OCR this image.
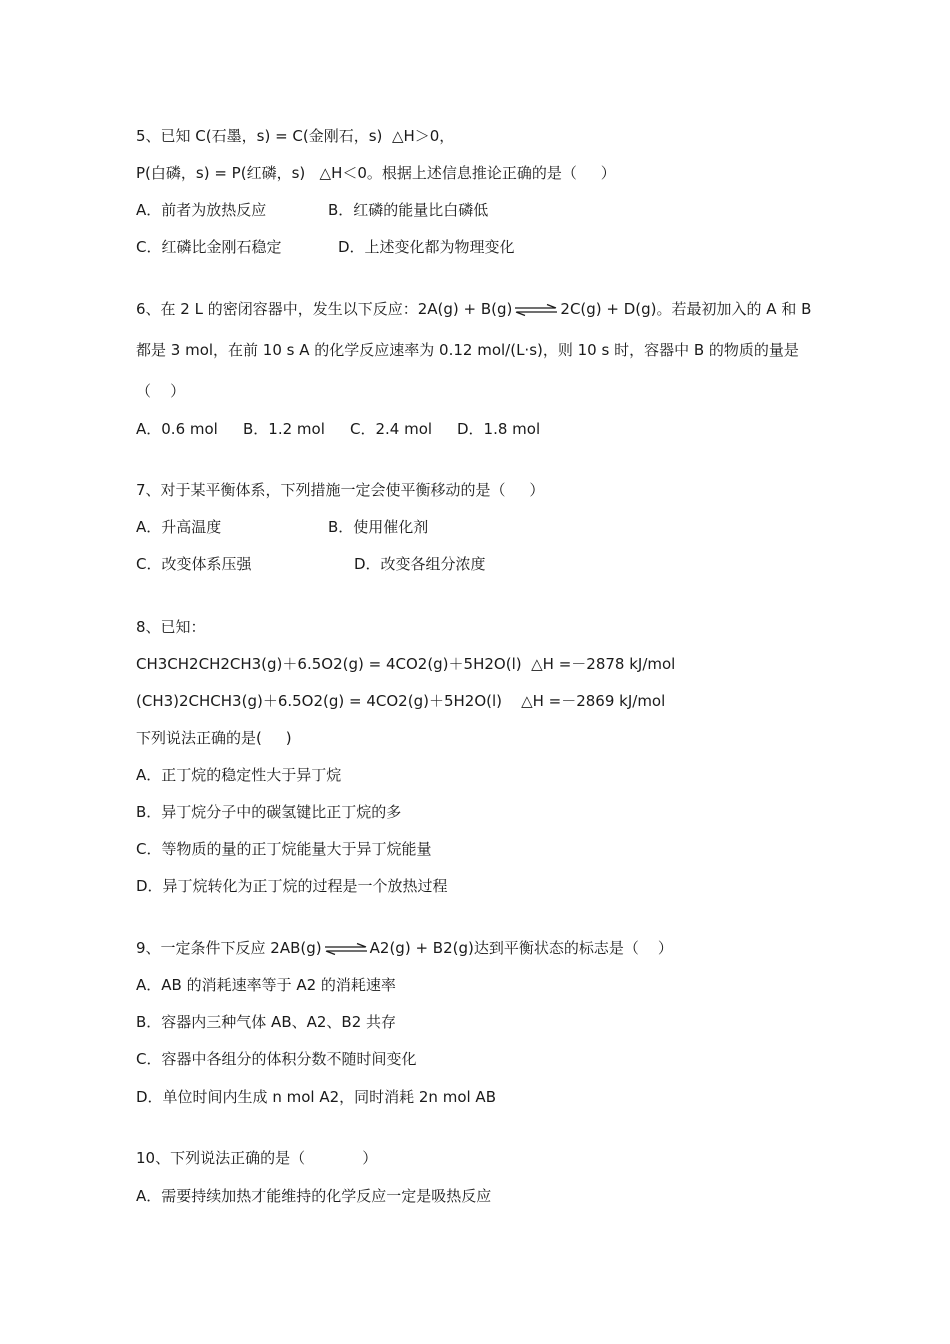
5、已知 C(石墨，s) = C(金刚石，s)  △H＞0，
P(白磷，s) = P(红磷，s)   △H＜0。根据上述信息推论正确的是（     ）
A．前者为放热反应	B．红磷的能量比白磷低
C．红磷比金刚石稳定	D．上述变化都为物理变化
6、在 2 L 的密闭容器中，发生以下反应：2A(g) + B(g) ⇌ 2C(g) + D(g)。若最初加入的 A 和 B
都是 3 mol，在前 10 s A 的化学反应速率为 0.12 mol/(L·s)，则 10 s 时，容器中 B 的物质的量是
（    ）
A．0.6 mol B．1.2 mol C．2.4 mol D．1.8 mol
7、对于某平衡体系，下列措施一定会使平衡移动的是（     ）
A．升高温度	B．使用催化剂
C．改变体系压强	D．改变各组分浓度
8、已知：
CH3CH2CH2CH3(g)＋6.5O2(g) = 4CO2(g)＋5H2O(l)  △H =－2878 kJ/mol
(CH3)2CHCH3(g)＋6.5O2(g) = 4CO2(g)＋5H2O(l)    △H =－2869 kJ/mol
下列说法正确的是(     )
A．正丁烷的稳定性大于异丁烷
B．异丁烷分子中的碳氢键比正丁烷的多
C．等物质的量的正丁烷能量大于异丁烷能量
D．异丁烷转化为正丁烷的过程是一个放热过程
9、一定条件下反应 2AB(g) ⇌ A2(g) + B2(g)达到平衡状态的标志是（    ）
A．AB 的消耗速率等于 A2 的消耗速率
B．容器内三种气体 AB、A2、B2 共存
C．容器中各组分的体积分数不随时间变化
D．单位时间内生成 n mol A2，同时消耗 2n mol AB
10、下列说法正确的是（            ）
A．需要持续加热才能维持的化学反应一定是吸热反应
